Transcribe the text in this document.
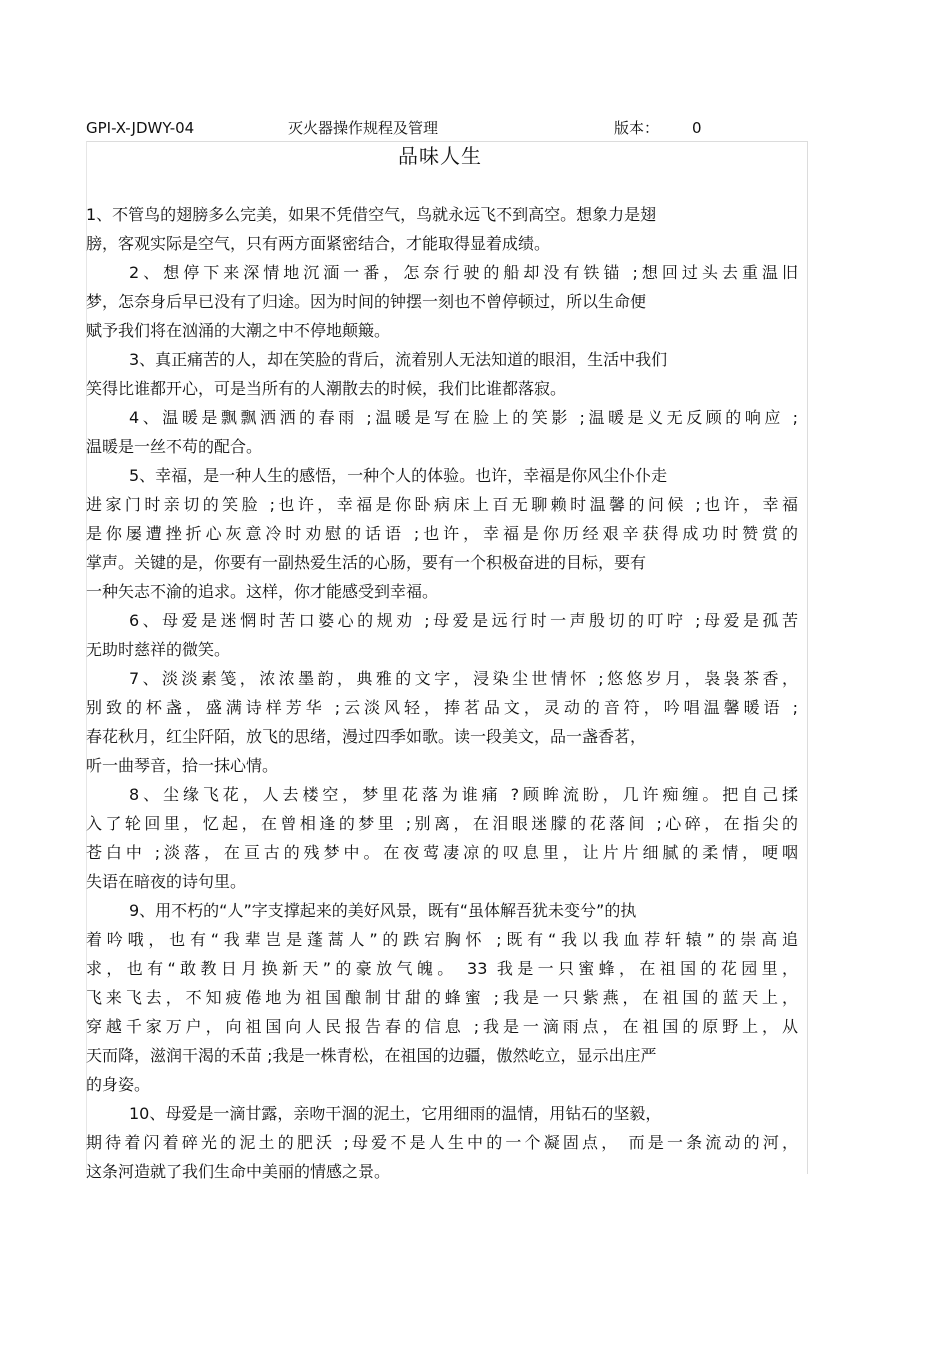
GPI-X-JDWY-04	灭火器操作规程及管理	版本： 0
品味人生
1、不管鸟的翅膀多么完美，如果不凭借空气，鸟就永远飞不到高空。想象力是翅
膀，客观实际是空气，只有两方面紧密结合，才能取得显着成绩。
2、想停下来深情地沉湎一番，怎奈行驶的船却没有铁锚 ;想回过头去重温旧
梦，怎奈身后早已没有了归途。因为时间的钟摆一刻也不曾停顿过，所以生命便
赋予我们将在汹涌的大潮之中不停地颠簸。
3、真正痛苦的人，却在笑脸的背后，流着别人无法知道的眼泪，生活中我们
笑得比谁都开心，可是当所有的人潮散去的时候，我们比谁都落寂。
4、温暖是飘飘洒洒的春雨 ;温暖是写在脸上的笑影 ;温暖是义无反顾的响应 ;
温暖是一丝不苟的配合。
5、幸福，是一种人生的感悟，一种个人的体验。也许，幸福是你风尘仆仆走
进家门时亲切的笑脸 ;也许，幸福是你卧病床上百无聊赖时温馨的问候 ;也许，幸福
是你屡遭挫折心灰意冷时劝慰的话语 ;也许，幸福是你历经艰辛获得成功时赞赏的
掌声。关键的是，你要有一副热爱生活的心肠，要有一个积极奋进的目标，要有
一种矢志不渝的追求。这样，你才能感受到幸福。
6、母爱是迷惘时苦口婆心的规劝 ;母爱是远行时一声殷切的叮咛 ;母爱是孤苦
无助时慈祥的微笑。
7、淡淡素笺，浓浓墨韵，典雅的文字，浸染尘世情怀 ;悠悠岁月，袅袅茶香，
别致的杯盏，盛满诗样芳华 ;云淡风轻，捧茗品文，灵动的音符，吟唱温馨暖语 ;
春花秋月，红尘阡陌，放飞的思绪，漫过四季如歌。读一段美文，品一盏香茗，
听一曲琴音，拾一抹心情。
8、尘缘飞花，人去楼空，梦里花落为谁痛 ?顾眸流盼，几许痴缠。把自己揉
入了轮回里，忆起，在曾相逢的梦里 ;别离，在泪眼迷朦的花落间 ;心碎，在指尖的
苍白中 ;淡落，在亘古的残梦中。在夜莺凄凉的叹息里，让片片细腻的柔情，哽咽
失语在暗夜的诗句里。
9、用不朽的“人”字支撑起来的美好风景，既有“虽体解吾犹未变兮”的执
着吟哦，也有“我辈岂是蓬蒿人”的跌宕胸怀 ;既有“我以我血荐轩辕”的崇高追
求，也有“敢教日月换新天”的豪放气魄。 33 我是一只蜜蜂，在祖国的花园里，
飞来飞去，不知疲倦地为祖国酿制甘甜的蜂蜜 ;我是一只紫燕，在祖国的蓝天上，
穿越千家万户，向祖国向人民报告春的信息 ;我是一滴雨点，在祖国的原野上，从
天而降，滋润干渴的禾苗 ;我是一株青松，在祖国的边疆，傲然屹立，显示出庄严
的身姿。
10、母爱是一滴甘露，亲吻干涸的泥土，它用细雨的温情，用钻石的坚毅，
期待着闪着碎光的泥土的肥沃 ;母爱不是人生中的一个凝固点， 而是一条流动的河，
这条河造就了我们生命中美丽的情感之景。
